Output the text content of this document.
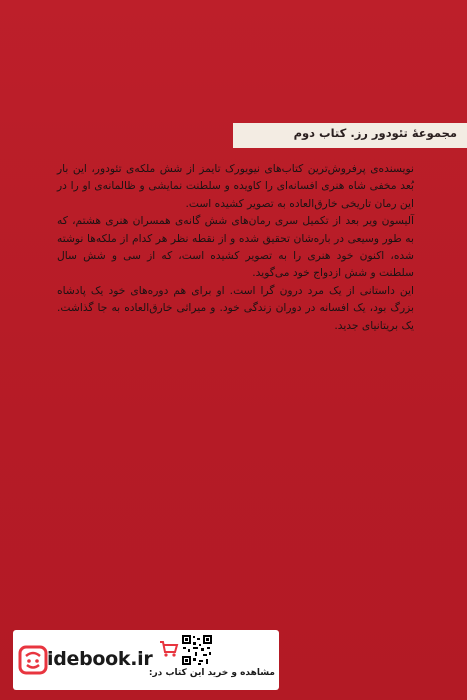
مجموعهٔ تئودور رز. کتاب دوم

نویسنده‌ی پرفروش‌ترین کتاب‌های نیویورک تایمز از شش ملکه‌ی تئودور، این بار بُعد مخفی شاه هنری افسانه‌ای را کاویده و سلطنت نمایشی و ظالمانه‌ی او را در این رمان تاریخی خارق‌العاده به تصویر کشیده است.

آلیسون ویر بعد از تکمیل سری رمان‌های شش گانه‌ی همسران هنری هشتم، که به طور وسیعی در باره‌شان تحقیق شده و از نقطه نظر هر کدام از ملکه‌ها نوشته شده، اکنون خود هنری را به تصویر کشیده است، که از سی و شش سال سلطنت و شش ازدواج خود می‌گوید.

این داستانی از یک مرد درون گرا است. او برای هم دوره‌های خود یک پادشاه بزرگ بود، یک افسانه در دوران زندگی خود. و میراثی خارق‌العاده به جا گذاشت. یک بریتانیای جدید.

idebook.ir
مشاهده و خرید این کتاب در:
